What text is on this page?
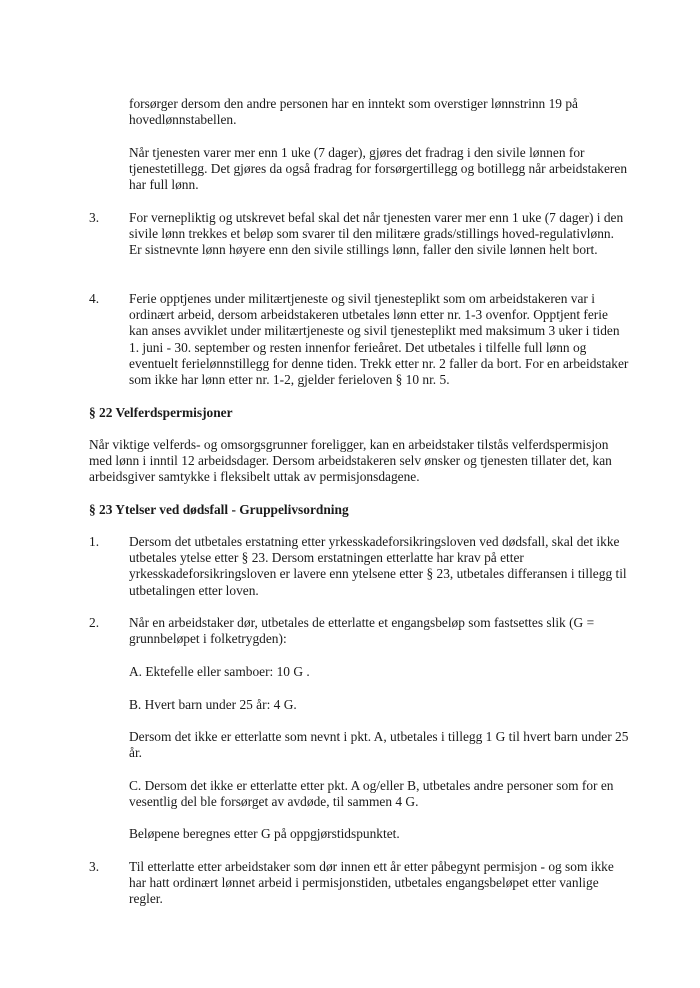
forsørger dersom den andre personen har en inntekt som overstiger lønnstrinn 19 på hovedlønnstabellen.

Når tjenesten varer mer enn 1 uke (7 dager), gjøres det fradrag i den sivile lønnen for tjenestetillegg. Det gjøres da også fradrag for forsørgertillegg og botillegg når arbeidstakeren har full lønn.

3. For vernepliktig og utskrevet befal skal det når tjenesten varer mer enn 1 uke (7 dager) i den sivile lønn trekkes et beløp som svarer til den militære grads/stillings hoved-regulativlønn. Er sistnevnte lønn høyere enn den sivile stillings lønn, faller den sivile lønnen helt bort.

4. Ferie opptjenes under militærtjeneste og sivil tjenesteplikt som om arbeidstakeren var i ordinært arbeid, dersom arbeidstakeren utbetales lønn etter nr. 1-3 ovenfor. Opptjent ferie kan anses avviklet under militærtjeneste og sivil tjenesteplikt med maksimum 3 uker i tiden 1. juni - 30. september og resten innenfor ferieåret. Det utbetales i tilfelle full lønn og eventuelt ferielønnstillegg for denne tiden. Trekk etter nr. 2 faller da bort. For en arbeidstaker som ikke har lønn etter nr. 1-2, gjelder ferieloven § 10 nr. 5.

§ 22 Velferdspermisjoner

Når viktige velferds- og omsorgsgrunner foreligger, kan en arbeidstaker tilstås velferdspermisjon med lønn i inntil 12 arbeidsdager. Dersom arbeidstakeren selv ønsker og tjenesten tillater det, kan arbeidsgiver samtykke i fleksibelt uttak av permisjonsdagene.

§ 23 Ytelser ved dødsfall - Gruppelivsordning

1. Dersom det utbetales erstatning etter yrkesskadeforsikringsloven ved dødsfall, skal det ikke utbetales ytelse etter § 23. Dersom erstatningen etterlatte har krav på etter yrkesskadeforsikringsloven er lavere enn ytelsene etter § 23, utbetales differansen i tillegg til utbetalingen etter loven.

2. Når en arbeidstaker dør, utbetales de etterlatte et engangsbeløp som fastsettes slik (G = grunnbeløpet i folketrygden):

A. Ektefelle eller samboer: 10 G .

B. Hvert barn under 25 år: 4 G.

Dersom det ikke er etterlatte som nevnt i pkt. A, utbetales i tillegg 1 G til hvert barn under 25 år.

C. Dersom det ikke er etterlatte etter pkt. A og/eller B, utbetales andre personer som for en vesentlig del ble forsørget av avdøde, til sammen 4 G.

Beløpene beregnes etter G på oppgjørstidspunktet.

3. Til etterlatte etter arbeidstaker som dør innen ett år etter påbegynt permisjon - og som ikke har hatt ordinært lønnet arbeid i permisjonstiden, utbetales engangsbeløpet etter vanlige regler.
